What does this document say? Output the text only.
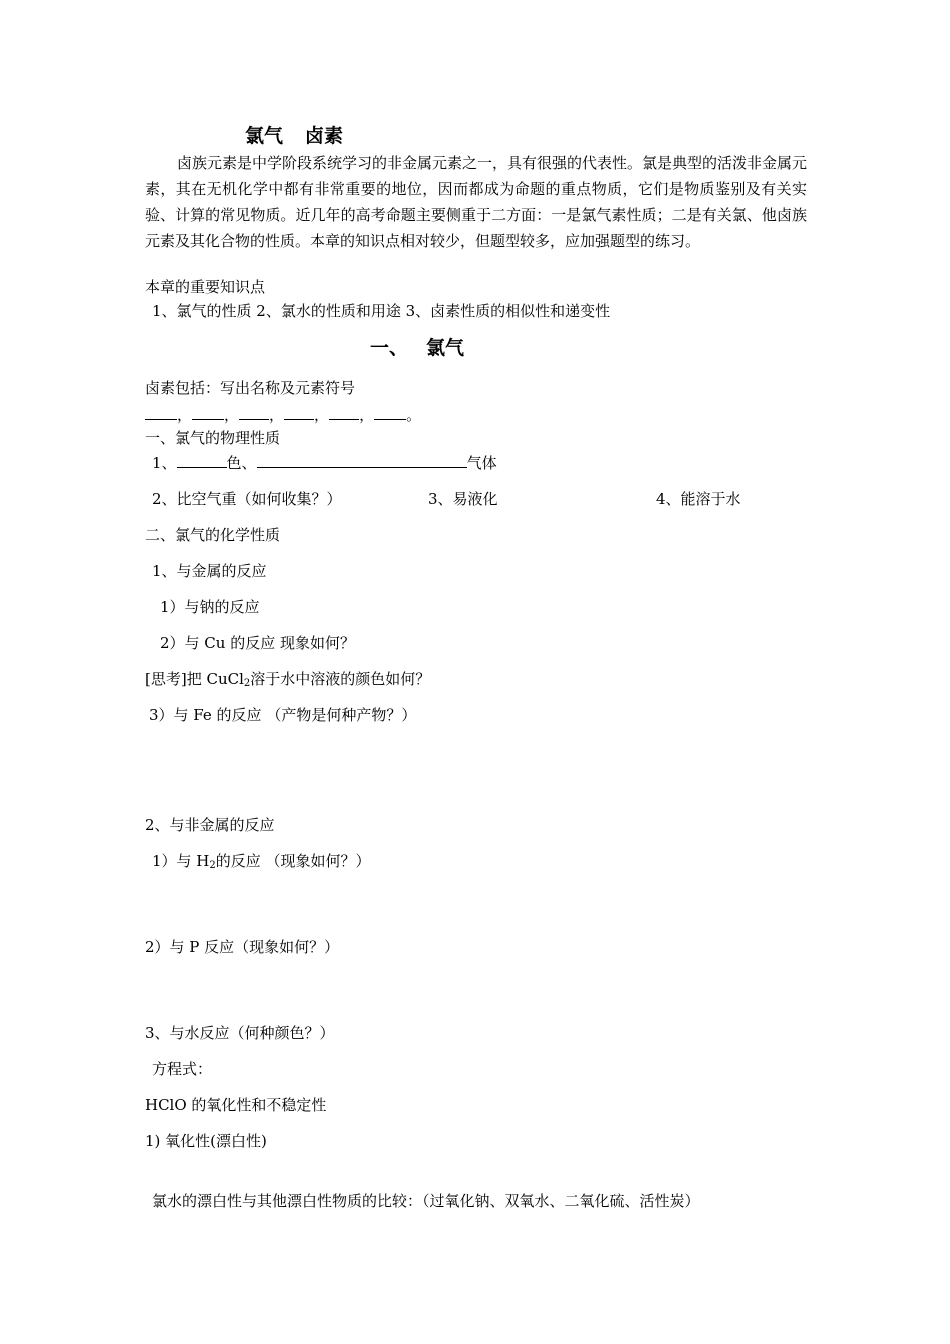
氯气 卤素
卤族元素是中学阶段系统学习的非金属元素之一，具有很强的代表性。氯是典型的活泼非金属元素，其在无机化学中都有非常重要的地位，因而都成为命题的重点物质，它们是物质鉴别及有关实验、计算的常见物质。近几年的高考命题主要侧重于二方面：一是氯气素性质；二是有关氯、他卤族元素及其化合物的性质。本章的知识点相对较少，但题型较多，应加强题型的练习。
本章的重要知识点
1、氯气的性质 2、氯水的性质和用途 3、卤素性质的相似性和递变性
一、 氯气
卤素包括：写出名称及元素符号
， ， ， ， ， 。
一、氯气的物理性质
1、	色、	气体
2、比空气重（如何收集？）	3、易液化	4、能溶于水
二、氯气的化学性质
1、与金属的反应
1）与钠的反应
2）与 Cu 的反应 现象如何？
[思考]把 CuCl$_2$溶于水中溶液的颜色如何？
3）与 Fe 的反应 （产物是何种产物？）
2、与非金属的反应
1）与 $H_2$的反应 （现象如何？）
2）与 P 反应（现象如何？）
3、与水反应（何种颜色？）
方程式：
HClO 的氧化性和不稳定性
1) 氧化性(漂白性)
氯水的漂白性与其他漂白性物质的比较：（过氧化钠、双氧水、二氧化硫、活性炭）
